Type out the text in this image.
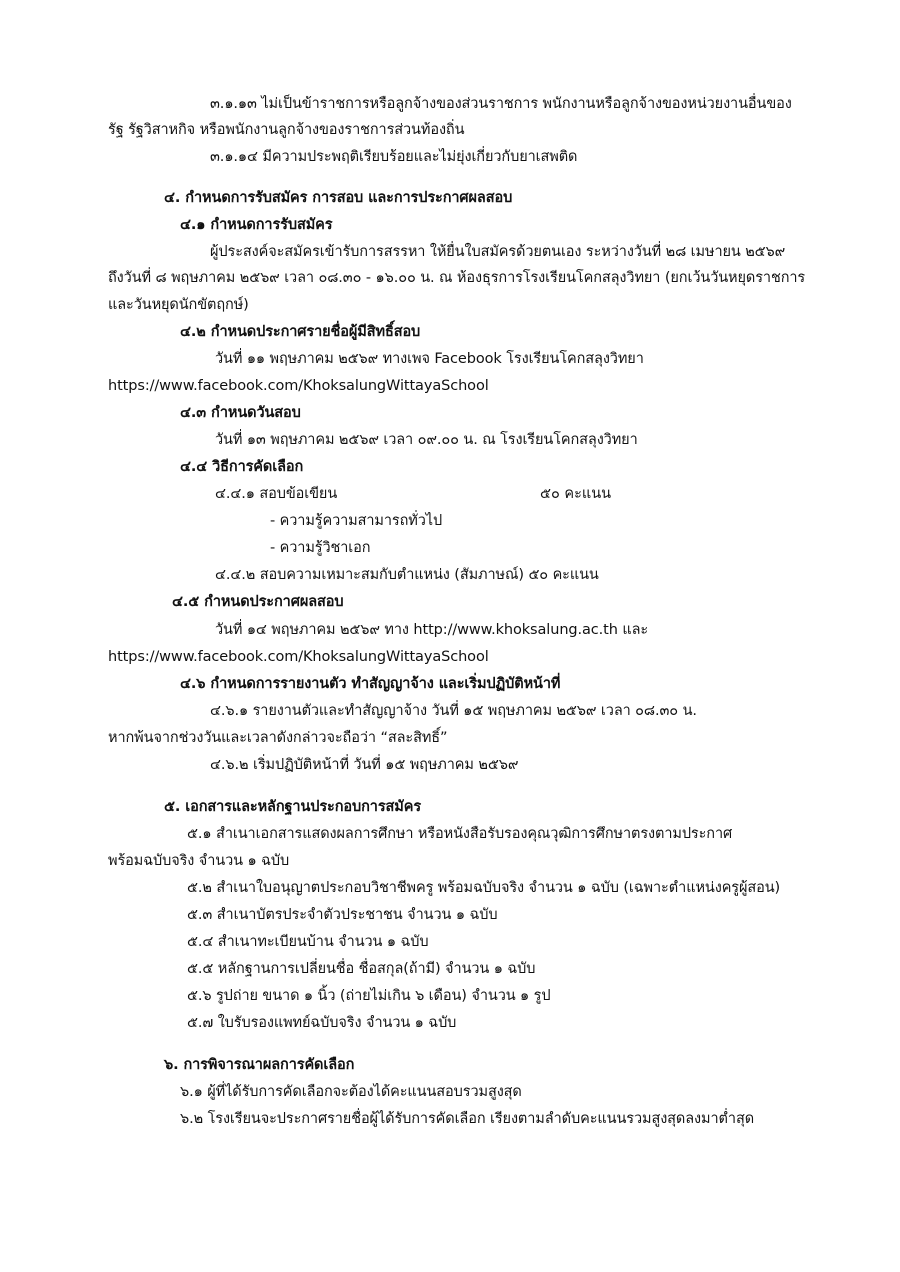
๓.๑.๑๓ ไม่เป็นข้าราชการหรือลูกจ้างของส่วนราชการ พนักงานหรือลูกจ้างของหน่วยงานอื่นของ
รัฐ รัฐวิสาหกิจ หรือพนักงานลูกจ้างของราชการส่วนท้องถิ่น
๓.๑.๑๔ มีความประพฤติเรียบร้อยและไม่ยุ่งเกี่ยวกับยาเสพติด
๔. กำหนดการรับสมัคร การสอบ และการประกาศผลสอบ
๔.๑ กำหนดการรับสมัคร
ผู้ประสงค์จะสมัครเข้ารับการสรรหา ให้ยื่นใบสมัครด้วยตนเอง ระหว่างวันที่ ๒๘ เมษายน ๒๕๖๙
ถึงวันที่ ๘ พฤษภาคม ๒๕๖๙ เวลา ๐๘.๓๐ - ๑๖.๐๐ น. ณ ห้องธุรการโรงเรียนโคกสลุงวิทยา (ยกเว้นวันหยุดราชการ
และวันหยุดนักขัตฤกษ์)
๔.๒ กำหนดประกาศรายชื่อผู้มีสิทธิ์สอบ
วันที่ ๑๑ พฤษภาคม ๒๕๖๙ ทางเพจ Facebook โรงเรียนโคกสลุงวิทยา
https://www.facebook.com/KhoksalungWittayaSchool
๔.๓ กำหนดวันสอบ
วันที่ ๑๓ พฤษภาคม ๒๕๖๙ เวลา ๐๙.๐๐ น. ณ โรงเรียนโคกสลุงวิทยา
๔.๔ วิธีการคัดเลือก
๔.๔.๑ สอบข้อเขียน	๕๐ คะแนน
- ความรู้ความสามารถทั่วไป
- ความรู้วิชาเอก
๔.๔.๒ สอบความเหมาะสมกับตำแหน่ง (สัมภาษณ์) ๕๐ คะแนน
๔.๕ กำหนดประกาศผลสอบ
วันที่ ๑๔ พฤษภาคม ๒๕๖๙ ทาง http://www.khoksalung.ac.th และ
https://www.facebook.com/KhoksalungWittayaSchool
๔.๖ กำหนดการรายงานตัว ทำสัญญาจ้าง และเริ่มปฏิบัติหน้าที่
๔.๖.๑ รายงานตัวและทำสัญญาจ้าง วันที่ ๑๕ พฤษภาคม ๒๕๖๙ เวลา ๐๘.๓๐ น.
หากพ้นจากช่วงวันและเวลาดังกล่าวจะถือว่า “สละสิทธิ์”
๔.๖.๒ เริ่มปฏิบัติหน้าที่ วันที่ ๑๕ พฤษภาคม ๒๕๖๙
๕. เอกสารและหลักฐานประกอบการสมัคร
๕.๑ สำเนาเอกสารแสดงผลการศึกษา หรือหนังสือรับรองคุณวุฒิการศึกษาตรงตามประกาศ
พร้อมฉบับจริง จำนวน ๑ ฉบับ
๕.๒ สำเนาใบอนุญาตประกอบวิชาชีพครู พร้อมฉบับจริง จำนวน ๑ ฉบับ (เฉพาะตำแหน่งครูผู้สอน)
๕.๓ สำเนาบัตรประจำตัวประชาชน จำนวน ๑ ฉบับ
๕.๔ สำเนาทะเบียนบ้าน จำนวน ๑ ฉบับ
๕.๕ หลักฐานการเปลี่ยนชื่อ ชื่อสกุล(ถ้ามี) จำนวน ๑ ฉบับ
๕.๖ รูปถ่าย ขนาด ๑ นิ้ว (ถ่ายไม่เกิน ๖ เดือน) จำนวน ๑ รูป
๕.๗ ใบรับรองแพทย์ฉบับจริง จำนวน ๑ ฉบับ
๖. การพิจารณาผลการคัดเลือก
๖.๑ ผู้ที่ได้รับการคัดเลือกจะต้องได้คะแนนสอบรวมสูงสุด
๖.๒ โรงเรียนจะประกาศรายชื่อผู้ได้รับการคัดเลือก เรียงตามลำดับคะแนนรวมสูงสุดลงมาต่ำสุด
